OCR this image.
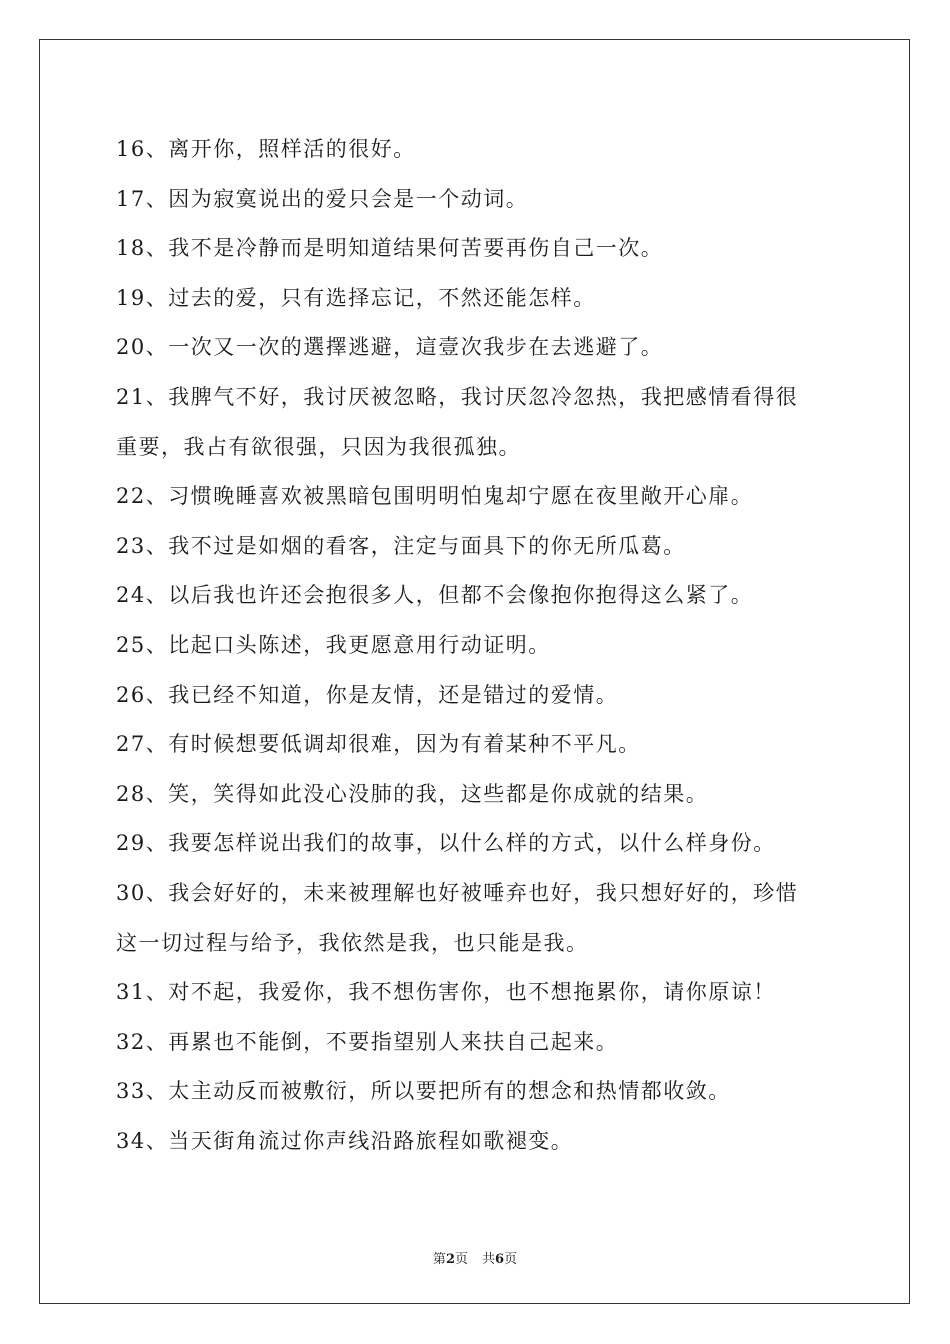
16、离开你，照样活的很好。

17、因为寂寞说出的爱只会是一个动词。

18、我不是冷静而是明知道结果何苦要再伤自己一次。

19、过去的爱，只有选择忘记，不然还能怎样。

20、一次又一次的選擇逃避，這壹次我步在去逃避了。

21、我脾气不好，我讨厌被忽略，我讨厌忽冷忽热，我把感情看得很

重要，我占有欲很强，只因为我很孤独。

22、习惯晚睡喜欢被黑暗包围明明怕鬼却宁愿在夜里敞开心扉。

23、我不过是如烟的看客，注定与面具下的你无所瓜葛。

24、以后我也许还会抱很多人，但都不会像抱你抱得这么紧了。

25、比起口头陈述，我更愿意用行动证明。

26、我已经不知道，你是友情，还是错过的爱情。

27、有时候想要低调却很难，因为有着某种不平凡。

28、笑，笑得如此没心没肺的我，这些都是你成就的结果。

29、我要怎样说出我们的故事，以什么样的方式，以什么样身份。

30、我会好好的，未来被理解也好被唾弃也好，我只想好好的，珍惜

这一切过程与给予，我依然是我，也只能是我。

31、对不起，我爱你，我不想伤害你，也不想拖累你，请你原谅！

32、再累也不能倒，不要指望别人来扶自己起来。

33、太主动反而被敷衍，所以要把所有的想念和热情都收敛。

34、当天街角流过你声线沿路旅程如歌褪变。

第2页 共6页
